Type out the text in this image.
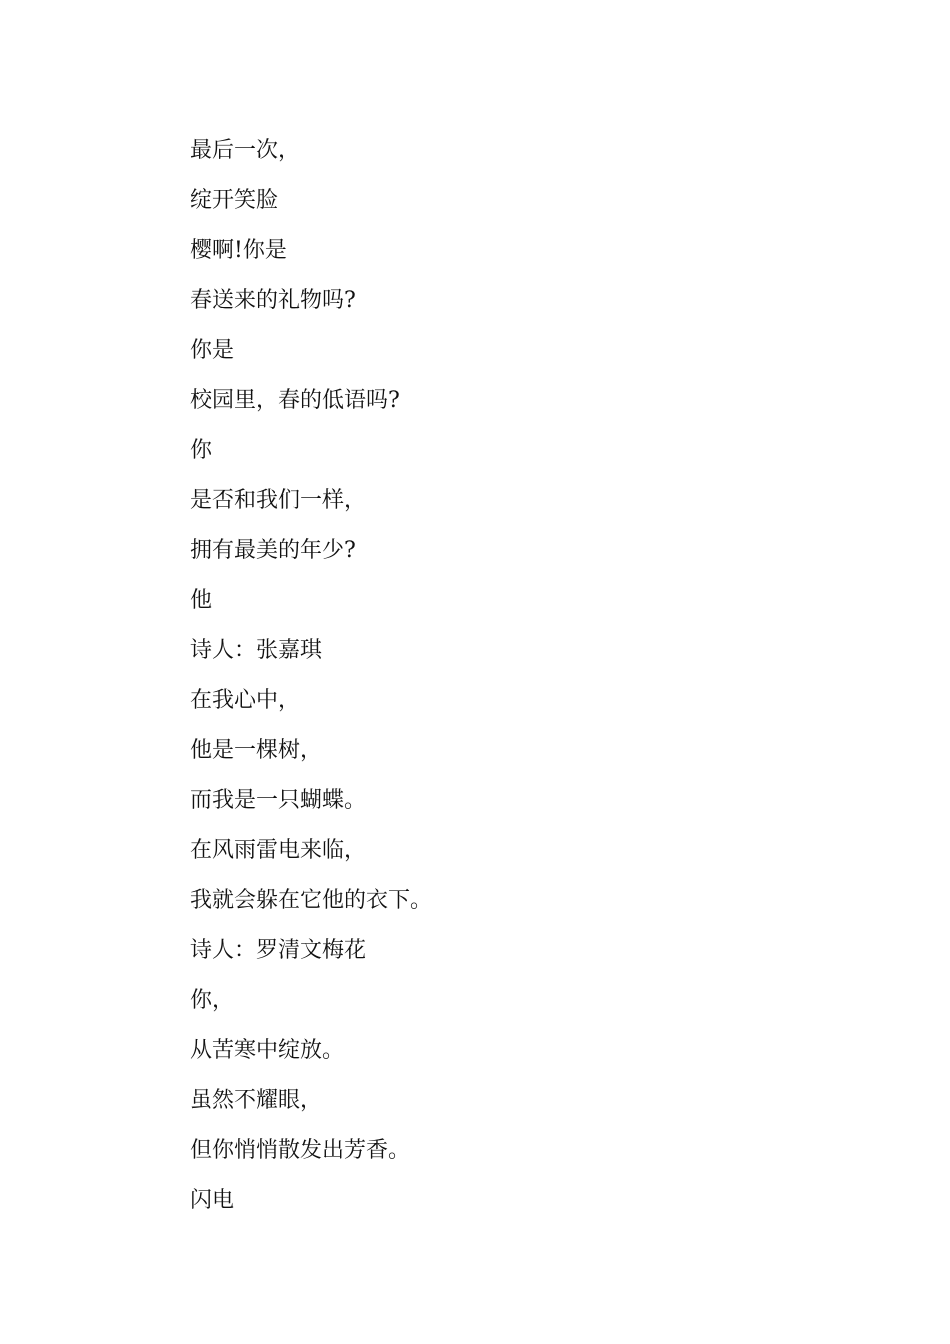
最后一次，
绽开笑脸
樱啊!你是
春送来的礼物吗?
你是
校园里，春的低语吗?
你
是否和我们一样，
拥有最美的年少?
他
诗人：张嘉琪
在我心中，
他是一棵树，
而我是一只蝴蝶。
在风雨雷电来临，
我就会躲在它他的衣下。
诗人：罗清文梅花
你，
从苦寒中绽放。
虽然不耀眼，
但你悄悄散发出芳香。
闪电
